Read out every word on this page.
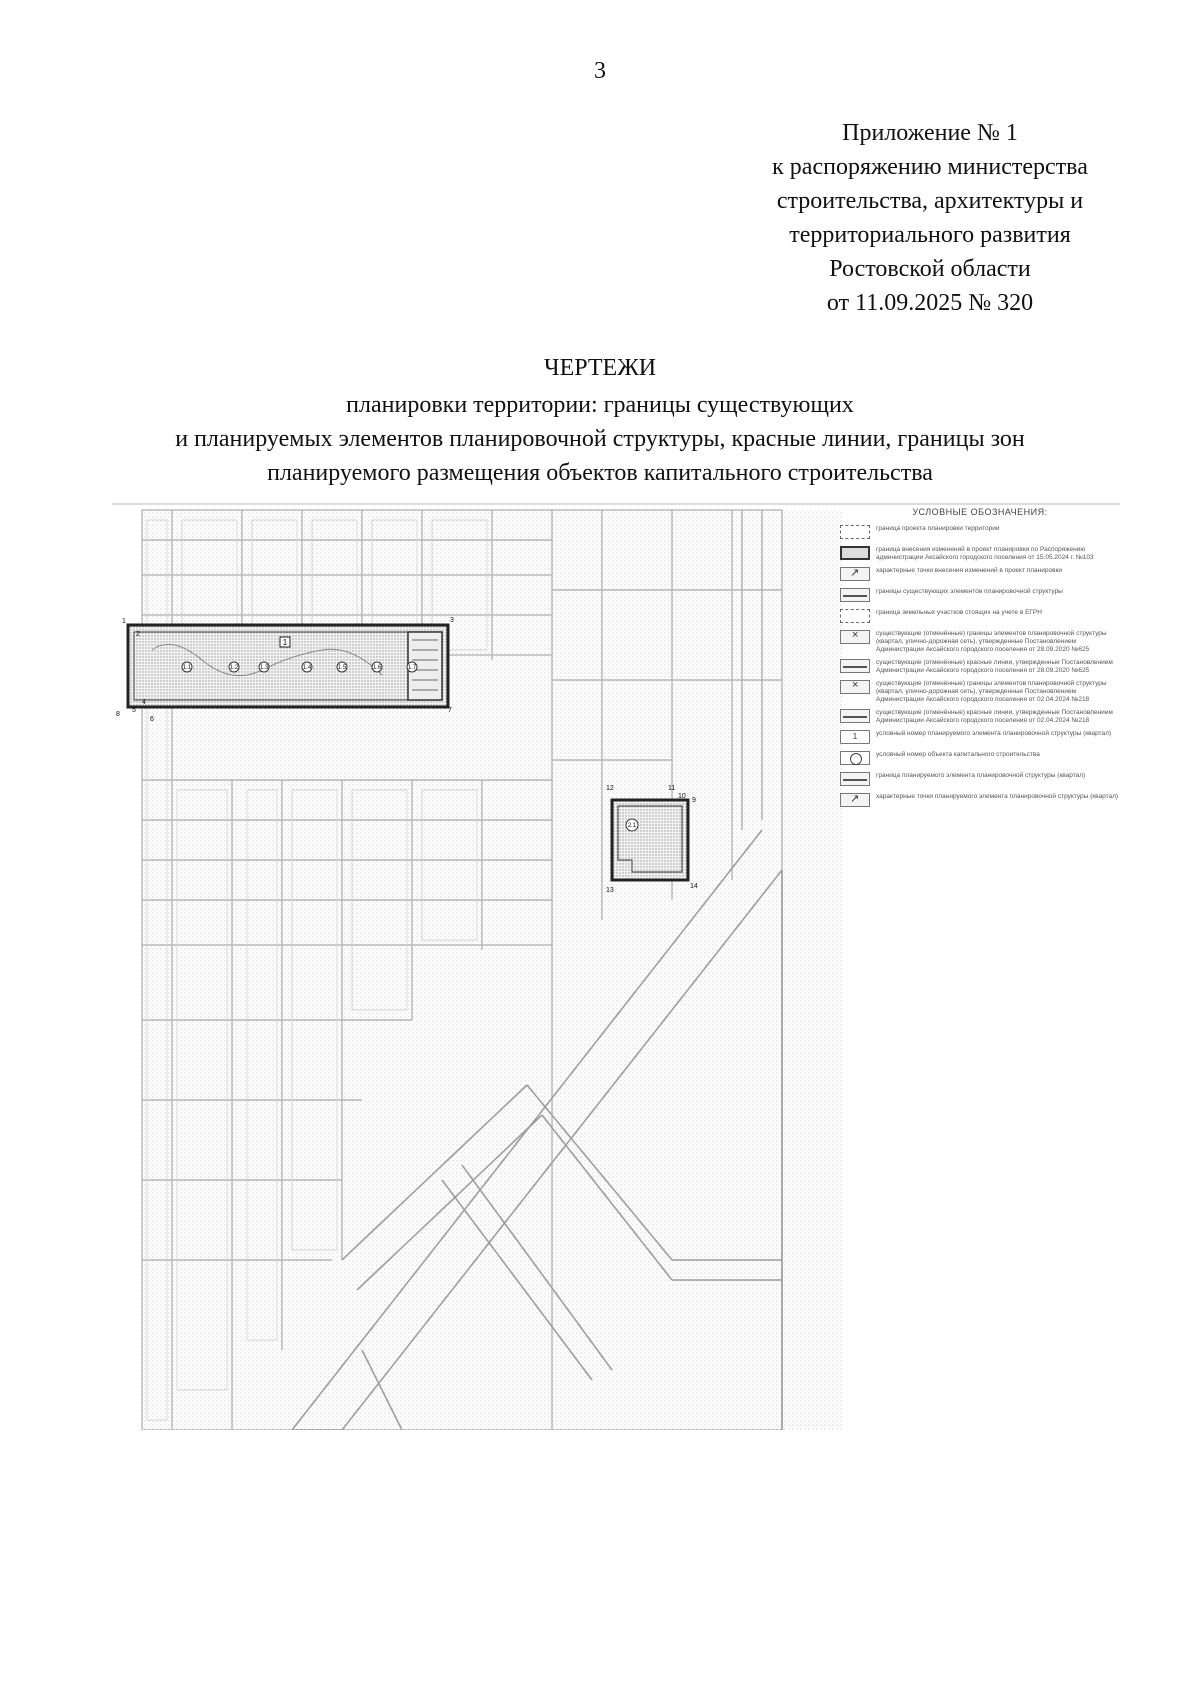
3
Приложение № 1
к распоряжению министерства
строительства, архитектуры и
территориального развития
Ростовской области
от 11.09.2025 № 320
ЧЕРТЕЖИ
планировки территории: границы существующих
и планируемых элементов планировочной структуры, красные линии, границы зон
планируемого размещения объектов капитального строительства
1
1.1	1.2	1.3	1.4	1.5	1.6	1.7
1
2
3
4
5
6
7
8
2.1
9
10
11
12
13
14
УСЛОВНЫЕ ОБОЗНАЧЕНИЯ:
граница проекта планировки территории
граница внесения изменений в проект планировки по Распоряжению администрации Аксайского городского поселения от 15.05.2024 г. №103
↗
характерные точки внесения изменений в проект планировки
границы существующих элементов планировочной структуры
граница земельных участков стоящих на учете в ЕГРН
×
существующие (отменённые) границы элементов планировочной структуры (квартал, улично-дорожная сеть), утвержденные Постановлением Администрации Аксайского городского поселения от 28.09.2020 №625
существующие (отменённые) красные линии, утвержденные Постановлением Администрации Аксайского городского поселения от 28.09.2020 №625
×
существующие (отменённые) границы элементов планировочной структуры (квартал, улично-дорожная сеть), утвержденные Постановлением Администрации Аксайского городского поселения от 02.04.2024 №218
существующие (отменённые) красные линии, утвержденные Постановлением Администрации Аксайского городского поселения от 02.04.2024 №218
1	условный номер планируемого элемента планировочной структуры (квартал)
условный номер объекта капитального строительства
граница планируемого элемента планировочной структуры (квартал)
↗
характерные точки планируемого элемента планировочной структуры (квартал)
